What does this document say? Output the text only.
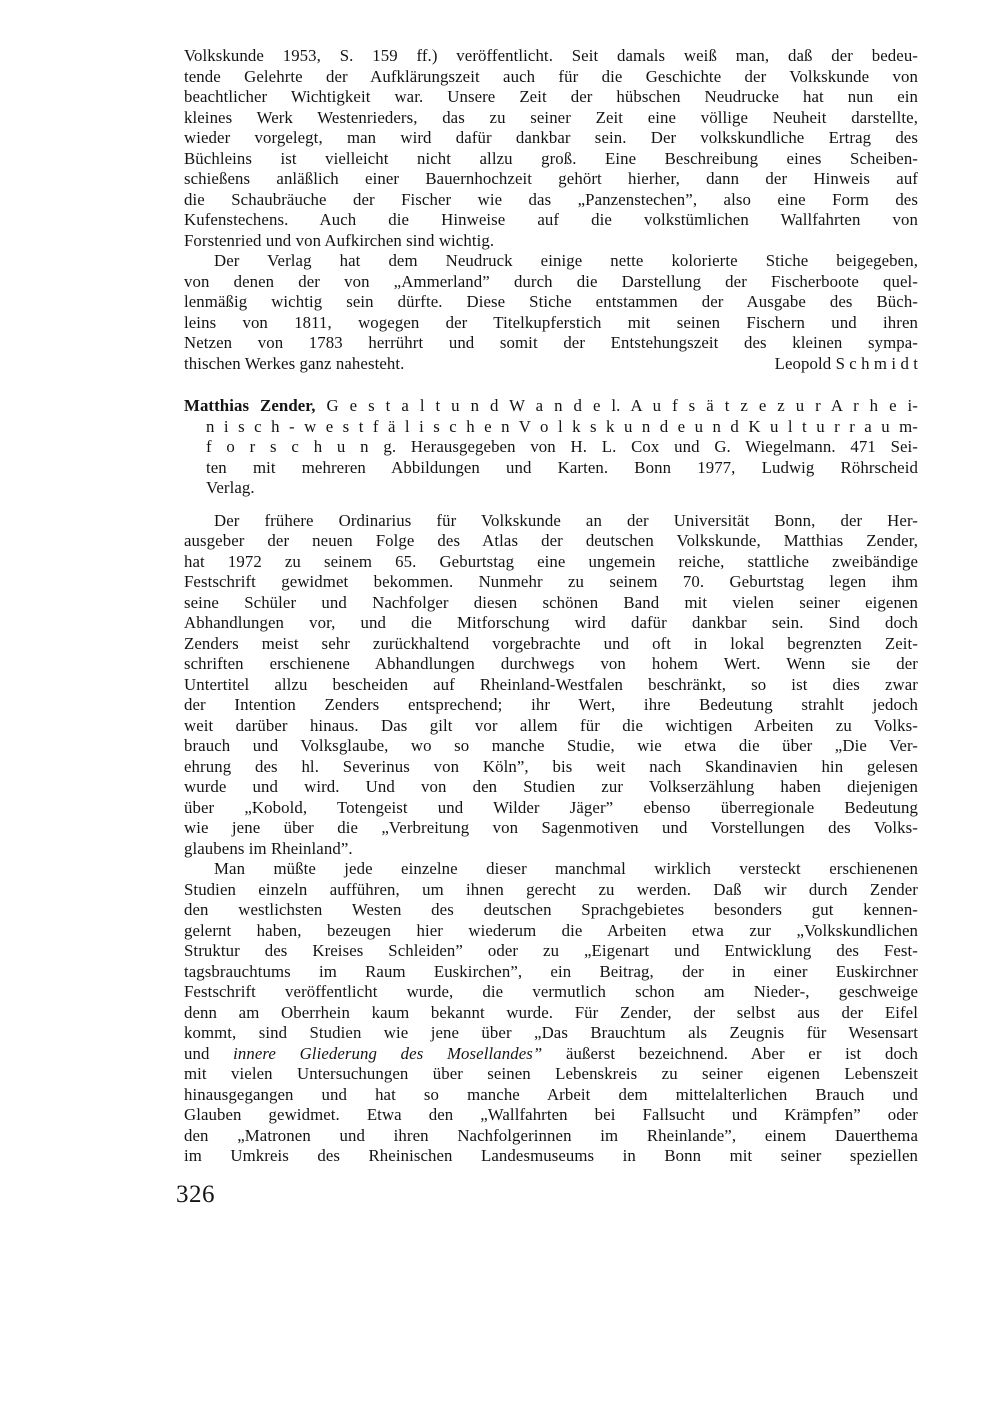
Volkskunde 1953, S. 159 ff.) veröffentlicht. Seit damals weiß man, daß der bedeu-
tende Gelehrte der Aufklärungszeit auch für die Geschichte der Volkskunde von
beachtlicher Wichtigkeit war. Unsere Zeit der hübschen Neudrucke hat nun ein
kleines Werk Westenrieders, das zu seiner Zeit eine völlige Neuheit darstellte,
wieder vorgelegt, man wird dafür dankbar sein. Der volkskundliche Ertrag des
Büchleins ist vielleicht nicht allzu groß. Eine Beschreibung eines Scheiben-
schießens anläßlich einer Bauernhochzeit gehört hierher, dann der Hinweis auf
die Schaubräuche der Fischer wie das „Panzenstechen”, also eine Form des
Kufenstechens. Auch die Hinweise auf die volkstümlichen Wallfahrten von
Forstenried und von Aufkirchen sind wichtig.
Der Verlag hat dem Neudruck einige nette kolorierte Stiche beigegeben,
von denen der von „Ammerland” durch die Darstellung der Fischerboote quel-
lenmäßig wichtig sein dürfte. Diese Stiche entstammen der Ausgabe des Büch-
leins von 1811, wogegen der Titelkupferstich mit seinen Fischern und ihren
Netzen von 1783 herrührt und somit der Entstehungszeit des kleinen sympa-
thischen Werkes ganz nahesteht.	Leopold S c h m i d t
Matthias Zender, G e s t a l t u n d W a n d e l. A u f s ä t z e z u r A r h e i-
n i s c h - w e s t f ä l i s c h e n V o l k s k u n d e u n d K u l t u r r a u m-
f o r s c h u n g. Herausgegeben von H. L. Cox und G. Wiegelmann. 471 Sei-
ten mit mehreren Abbildungen und Karten. Bonn 1977, Ludwig Röhrscheid
Verlag.
Der frühere Ordinarius für Volkskunde an der Universität Bonn, der Her-
ausgeber der neuen Folge des Atlas der deutschen Volkskunde, Matthias Zender,
hat 1972 zu seinem 65. Geburtstag eine ungemein reiche, stattliche zweibändige
Festschrift gewidmet bekommen. Nunmehr zu seinem 70. Geburtstag legen ihm
seine Schüler und Nachfolger diesen schönen Band mit vielen seiner eigenen
Abhandlungen vor, und die Mitforschung wird dafür dankbar sein. Sind doch
Zenders meist sehr zurückhaltend vorgebrachte und oft in lokal begrenzten Zeit-
schriften erschienene Abhandlungen durchwegs von hohem Wert. Wenn sie der
Untertitel allzu bescheiden auf Rheinland-Westfalen beschränkt, so ist dies zwar
der Intention Zenders entsprechend; ihr Wert, ihre Bedeutung strahlt jedoch
weit darüber hinaus. Das gilt vor allem für die wichtigen Arbeiten zu Volks-
brauch und Volksglaube, wo so manche Studie, wie etwa die über „Die Ver-
ehrung des hl. Severinus von Köln”, bis weit nach Skandinavien hin gelesen
wurde und wird. Und von den Studien zur Volkserzählung haben diejenigen
über „Kobold, Totengeist und Wilder Jäger” ebenso überregionale Bedeutung
wie jene über die „Verbreitung von Sagenmotiven und Vorstellungen des Volks-
glaubens im Rheinland”.
Man müßte jede einzelne dieser manchmal wirklich versteckt erschienenen
Studien einzeln aufführen, um ihnen gerecht zu werden. Daß wir durch Zender
den westlichsten Westen des deutschen Sprachgebietes besonders gut kennen-
gelernt haben, bezeugen hier wiederum die Arbeiten etwa zur „Volkskundlichen
Struktur des Kreises Schleiden” oder zu „Eigenart und Entwicklung des Fest-
tagsbrauchtums im Raum Euskirchen”, ein Beitrag, der in einer Euskirchner
Festschrift veröffentlicht wurde, die vermutlich schon am Nieder-, geschweige
denn am Oberrhein kaum bekannt wurde. Für Zender, der selbst aus der Eifel
kommt, sind Studien wie jene über „Das Brauchtum als Zeugnis für Wesensart
und innere Gliederung des Mosellandes” äußerst bezeichnend. Aber er ist doch
mit vielen Untersuchungen über seinen Lebenskreis zu seiner eigenen Lebenszeit
hinausgegangen und hat so manche Arbeit dem mittelalterlichen Brauch und
Glauben gewidmet. Etwa den „Wallfahrten bei Fallsucht und Krämpfen” oder
den „Matronen und ihren Nachfolgerinnen im Rheinlande”, einem Dauerthema
im Umkreis des Rheinischen Landesmuseums in Bonn mit seiner speziellen
326
